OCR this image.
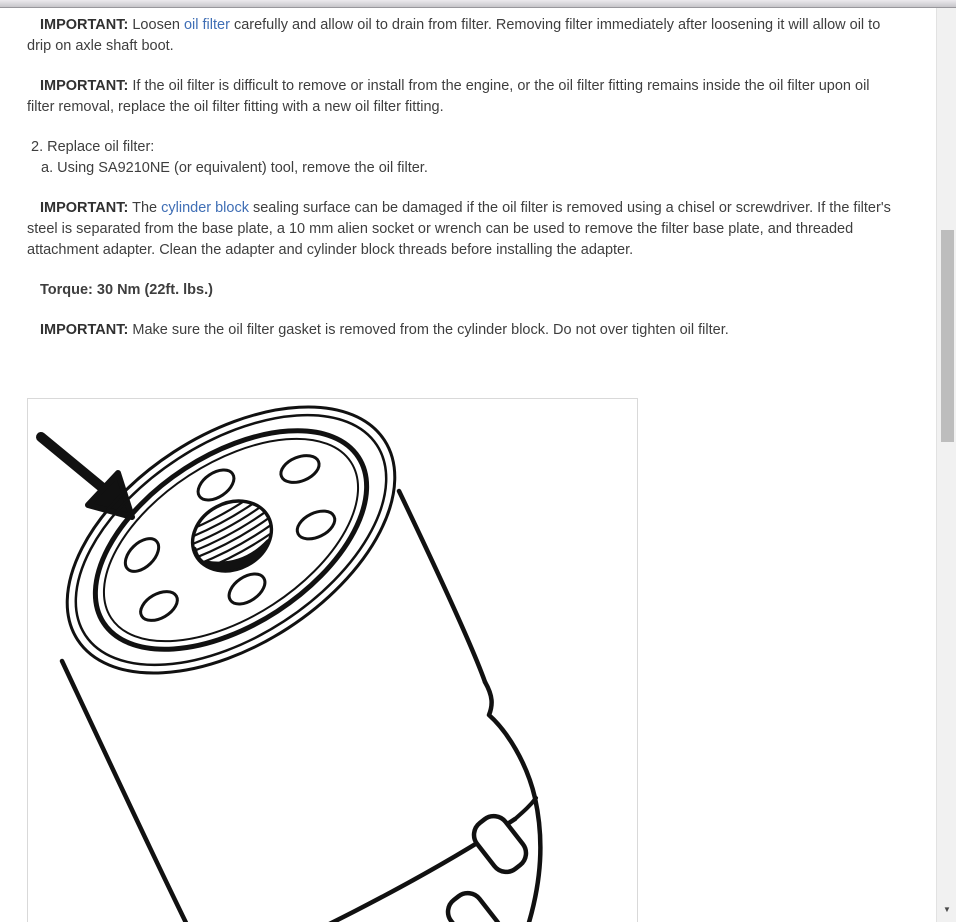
IMPORTANT: Loosen oil filter carefully and allow oil to drain from filter. Removing filter immediately after loosening it will allow oil to drip on axle shaft boot.

IMPORTANT: If the oil filter is difficult to remove or install from the engine, or the oil filter fitting remains inside the oil filter upon oil filter removal, replace the oil filter fitting with a new oil filter fitting.

2. Replace oil filter:
a. Using SA9210NE (or equivalent) tool, remove the oil filter.

IMPORTANT: The cylinder block sealing surface can be damaged if the oil filter is removed using a chisel or screwdriver. If the filter's steel is separated from the base plate, a 10 mm alien socket or wrench can be used to remove the filter base plate, and threaded attachment adapter. Clean the adapter and cylinder block threads before installing the adapter.

Torque: 30 Nm (22ft. lbs.)

IMPORTANT: Make sure the oil filter gasket is removed from the cylinder block. Do not over tighten oil filter.

▼
